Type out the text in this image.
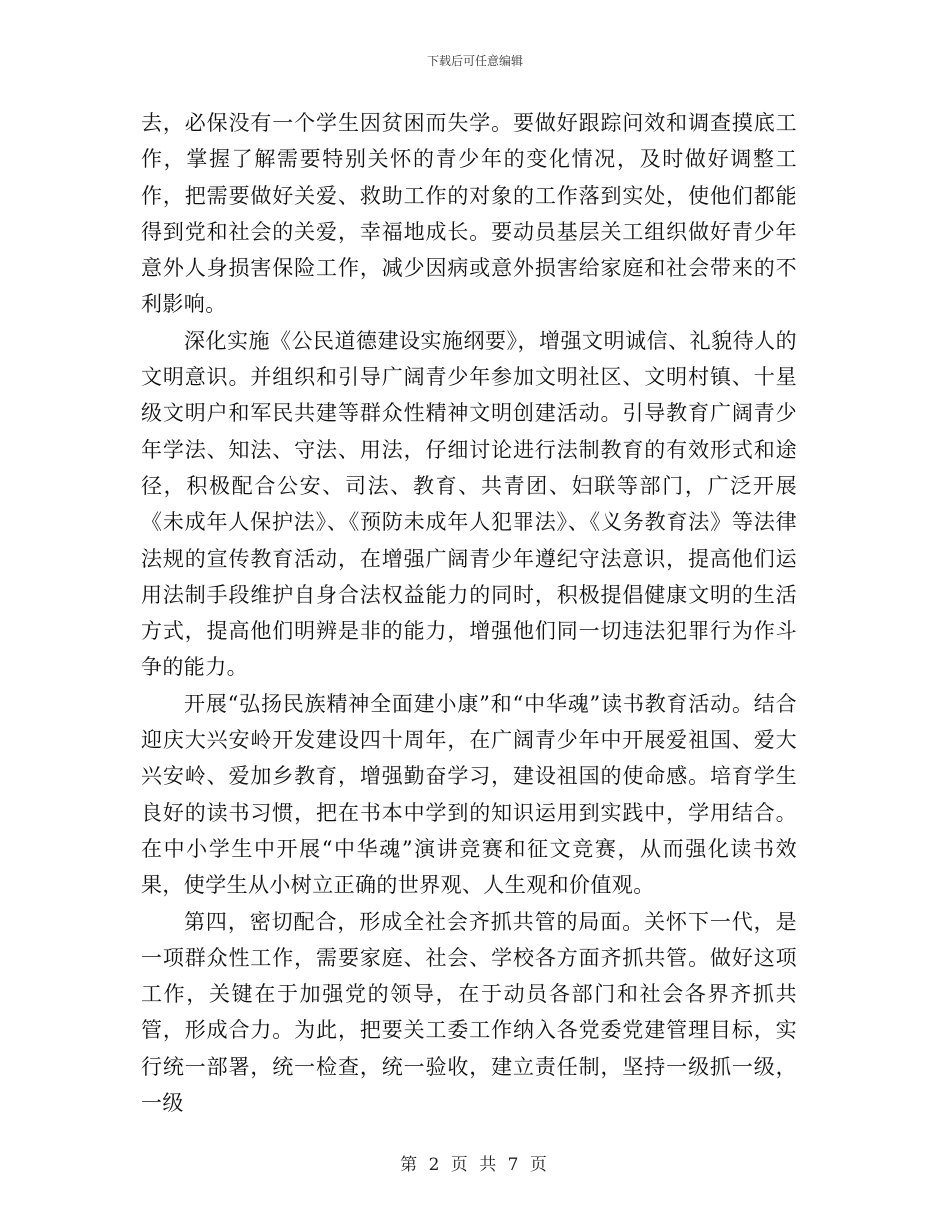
下载后可任意编辑

去，必保没有一个学生因贫困而失学。要做好跟踪问效和调查摸底工作，掌握了解需要特别关怀的青少年的变化情况，及时做好调整工作，把需要做好关爱、救助工作的对象的工作落到实处，使他们都能得到党和社会的关爱，幸福地成长。要动员基层关工组织做好青少年意外人身损害保险工作，减少因病或意外损害给家庭和社会带来的不利影响。

深化实施《公民道德建设实施纲要》，增强文明诚信、礼貌待人的文明意识。并组织和引导广阔青少年参加文明社区、文明村镇、十星级文明户和军民共建等群众性精神文明创建活动。引导教育广阔青少年学法、知法、守法、用法，仔细讨论进行法制教育的有效形式和途径，积极配合公安、司法、教育、共青团、妇联等部门，广泛开展《未成年人保护法》、《预防未成年人犯罪法》、《义务教育法》等法律法规的宣传教育活动，在增强广阔青少年遵纪守法意识，提高他们运用法制手段维护自身合法权益能力的同时，积极提倡健康文明的生活方式，提高他们明辨是非的能力，增强他们同一切违法犯罪行为作斗争的能力。

开展“弘扬民族精神全面建小康”和“中华魂”读书教育活动。结合迎庆大兴安岭开发建设四十周年，在广阔青少年中开展爱祖国、爱大兴安岭、爱加乡教育，增强勤奋学习，建设祖国的使命感。培育学生良好的读书习惯，把在书本中学到的知识运用到实践中，学用结合。在中小学生中开展“中华魂”演讲竞赛和征文竞赛，从而强化读书效果，使学生从小树立正确的世界观、人生观和价值观。

第四，密切配合，形成全社会齐抓共管的局面。关怀下一代，是一项群众性工作，需要家庭、社会、学校各方面齐抓共管。做好这项工作，关键在于加强党的领导，在于动员各部门和社会各界齐抓共管，形成合力。为此，把要关工委工作纳入各党委党建管理目标，实行统一部署，统一检查，统一验收，建立责任制，坚持一级抓一级，一级

第 2 页 共 7 页
